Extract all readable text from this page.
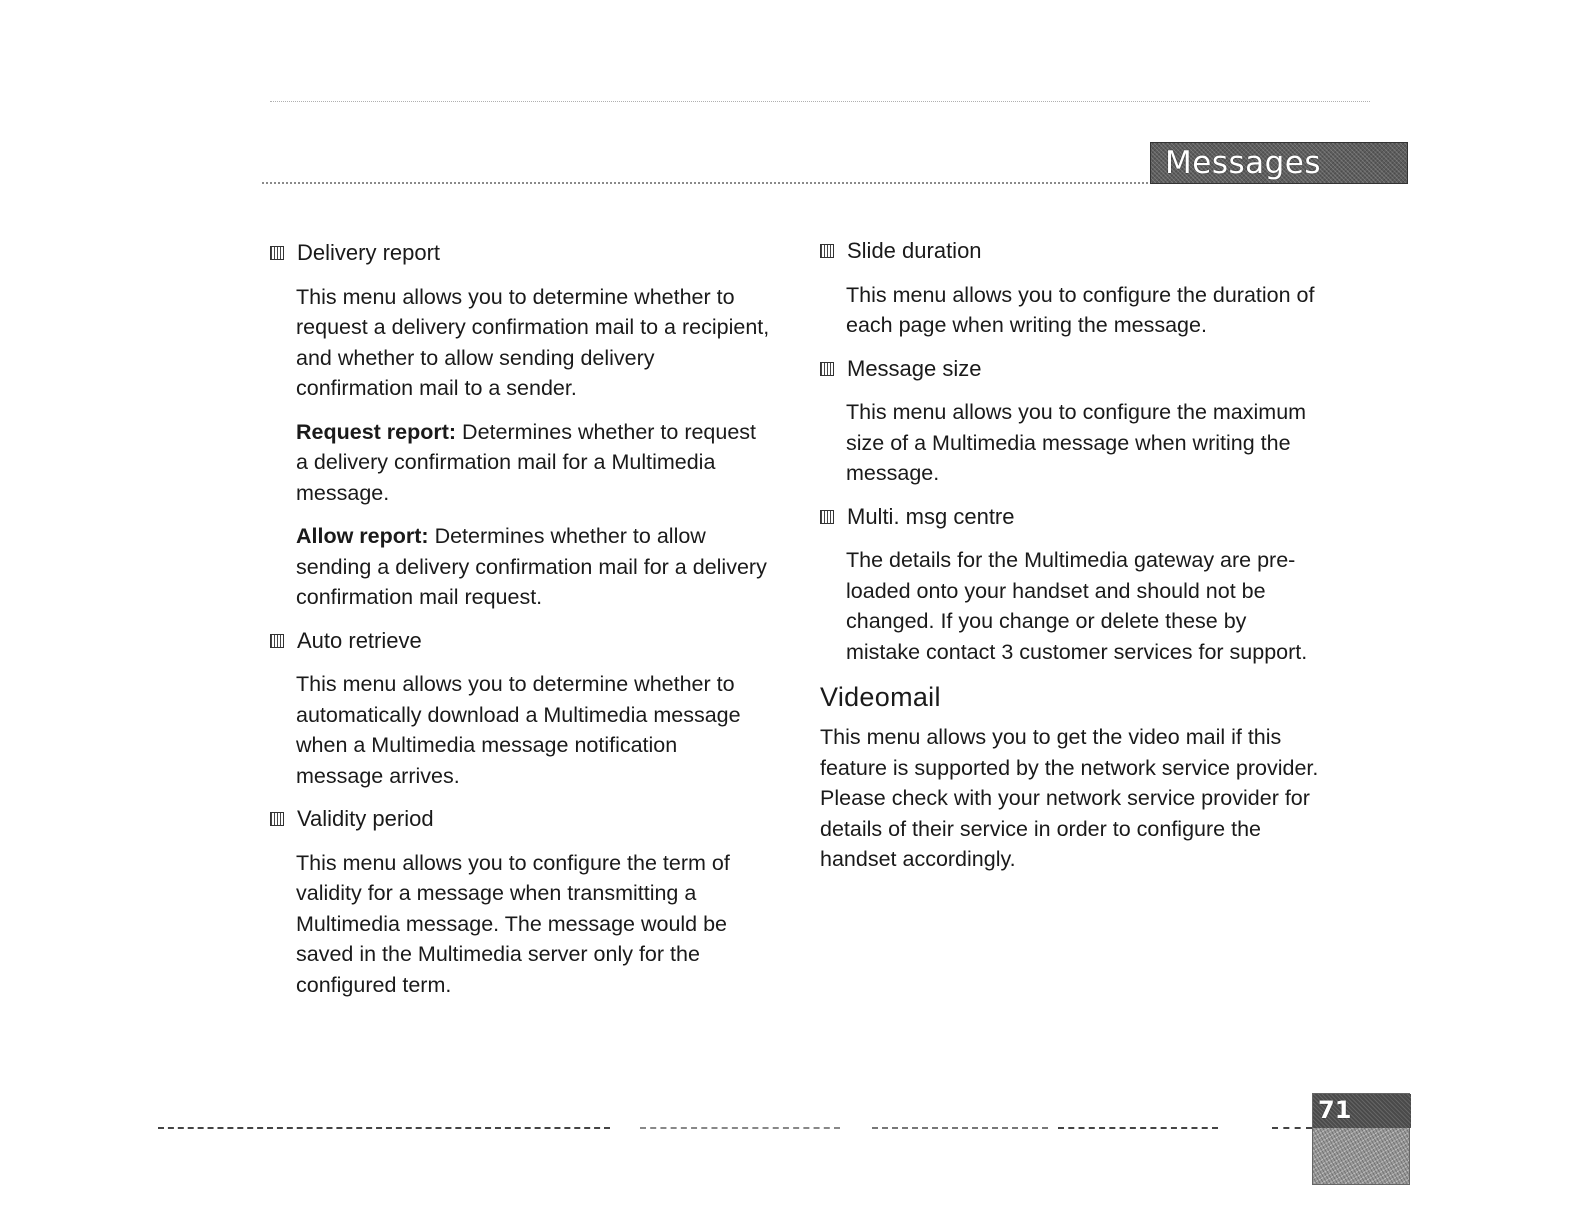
Messages
Delivery report

This menu allows you to determine whether to request a delivery confirmation mail to a recipient, and whether to allow sending delivery confirmation mail to a sender.

Request report: Determines whether to request a delivery confirmation mail for a Multimedia message.

Allow report: Determines whether to allow sending a delivery confirmation mail for a delivery confirmation mail request.

Auto retrieve

This menu allows you to determine whether to automatically download a Multimedia message when a Multimedia message notification message arrives.

Validity period

This menu allows you to configure the term of validity for a message when transmitting a Multimedia message. The message would be saved in the Multimedia server only for the configured term.

Slide duration

This menu allows you to configure the duration of each page when writing the message.

Message size

This menu allows you to configure the maximum size of a Multimedia message when writing the message.

Multi. msg centre

The details for the Multimedia gateway are pre-loaded onto your handset and should not be changed. If you change or delete these by mistake contact 3 customer services for support.

Videomail

This menu allows you to get the video mail if this feature is supported by the network service provider. Please check with your network service provider for details of their service in order to configure the handset accordingly.

71
